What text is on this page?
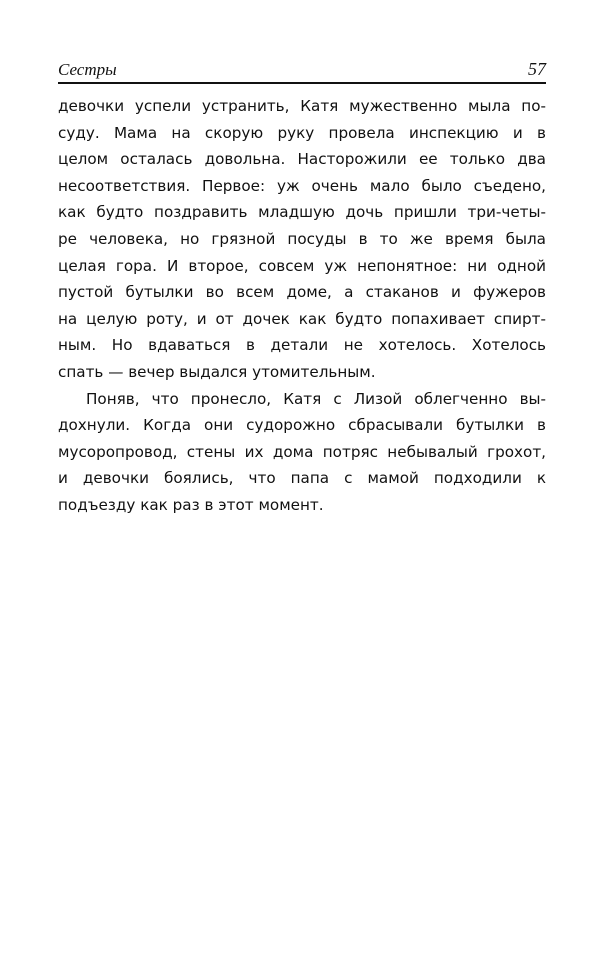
Сестры	57
девочки успели устранить, Катя мужественно мыла по-
суду. Мама на скорую руку провела инспекцию и в
целом осталась довольна. Насторожили ее только два
несоответствия. Первое: уж очень мало было съедено,
как будто поздравить младшую дочь пришли три-четы-
ре человека, но грязной посуды в то же время была
целая гора. И второе, совсем уж непонятное: ни одной
пустой бутылки во всем доме, а стаканов и фужеров
на целую роту, и от дочек как будто попахивает спирт-
ным. Но вдаваться в детали не хотелось. Хотелось
спать — вечер выдался утомительным.
Поняв, что пронесло, Катя с Лизой облегченно вы-
дохнули. Когда они судорожно сбрасывали бутылки в
мусоропровод, стены их дома потряс небывалый грохот,
и девочки боялись, что папа с мамой подходили к
подъезду как раз в этот момент.
